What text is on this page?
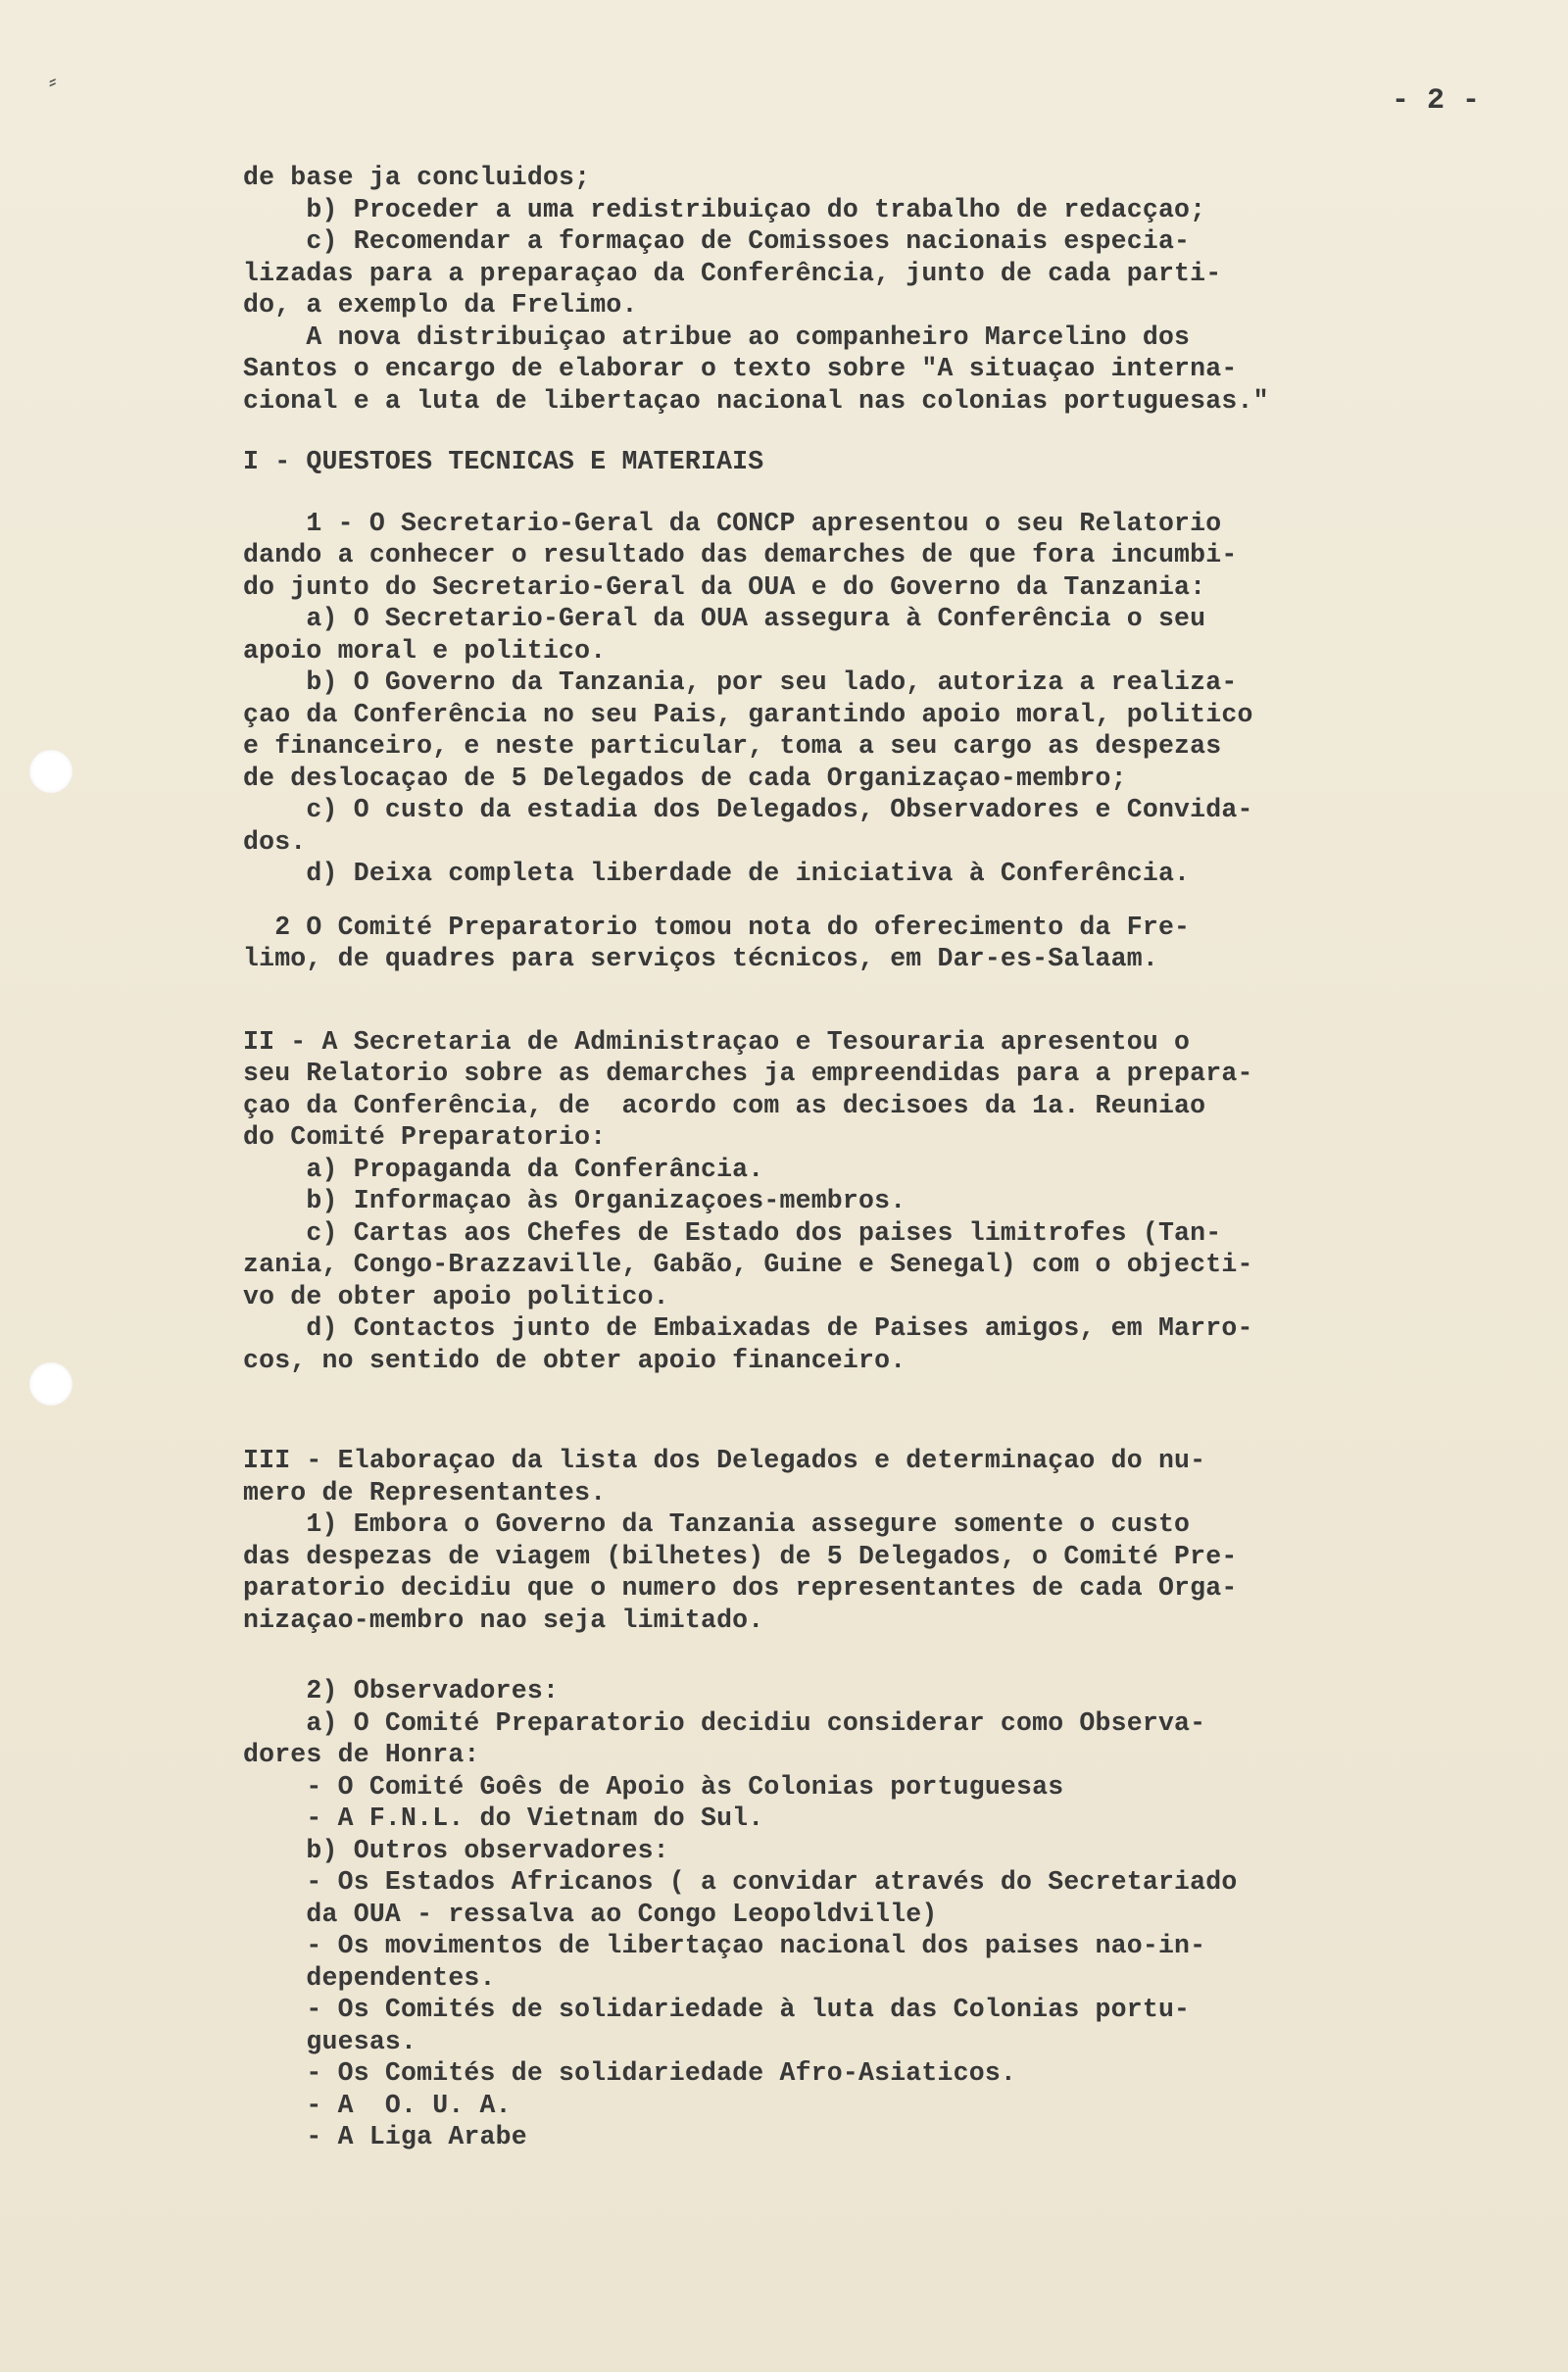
⸗
- 2 -
de base ja concluidos;
b) Proceder a uma redistribuiçao do trabalho de redacçao;
c) Recomendar a formaçao de Comissoes nacionais especia-
lizadas para a preparaçao da Conferência, junto de cada parti-
do, a exemplo da Frelimo.
A nova distribuiçao atribue ao companheiro Marcelino dos
Santos o encargo de elaborar o texto sobre "A situaçao interna-
cional e a luta de libertaçao nacional nas colonias portuguesas."
I - QUESTOES TECNICAS E MATERIAIS
1 - O Secretario-Geral da CONCP apresentou o seu Relatorio
dando a conhecer o resultado das demarches de que fora incumbi-
do junto do Secretario-Geral da OUA e do Governo da Tanzania:
a) O Secretario-Geral da OUA assegura à Conferência o seu
apoio moral e politico.
b) O Governo da Tanzania, por seu lado, autoriza a realiza-
çao da Conferência no seu Pais, garantindo apoio moral, politico
e financeiro, e neste particular, toma a seu cargo as despezas
de deslocaçao de 5 Delegados de cada Organizaçao-membro;
c) O custo da estadia dos Delegados, Observadores e Convida-
dos.
d) Deixa completa liberdade de iniciativa à Conferência.
2 O Comité Preparatorio tomou nota do oferecimento da Fre-
limo, de quadres para serviços técnicos, em Dar-es-Salaam.
II - A Secretaria de Administraçao e Tesouraria apresentou o
seu Relatorio sobre as demarches ja empreendidas para a prepara-
çao da Conferência, de  acordo com as decisoes da 1a. Reuniao
do Comité Preparatorio:
a) Propaganda da Conferância.
b) Informaçao às Organizaçoes-membros.
c) Cartas aos Chefes de Estado dos paises limitrofes (Tan-
zania, Congo-Brazzaville, Gabão, Guine e Senegal) com o objecti-
vo de obter apoio politico.
d) Contactos junto de Embaixadas de Paises amigos, em Marro-
cos, no sentido de obter apoio financeiro.
III - Elaboraçao da lista dos Delegados e determinaçao do nu-
mero de Representantes.
1) Embora o Governo da Tanzania assegure somente o custo
das despezas de viagem (bilhetes) de 5 Delegados, o Comité Pre-
paratorio decidiu que o numero dos representantes de cada Orga-
nizaçao-membro nao seja limitado.
2) Observadores:
a) O Comité Preparatorio decidiu considerar como Observa-
dores de Honra:
- O Comité Goês de Apoio às Colonias portuguesas
- A F.N.L. do Vietnam do Sul.
b) Outros observadores:
- Os Estados Africanos ( a convidar através do Secretariado
da OUA - ressalva ao Congo Leopoldville)
- Os movimentos de libertaçao nacional dos paises nao-in-
dependentes.
- Os Comités de solidariedade à luta das Colonias portu-
guesas.
- Os Comités de solidariedade Afro-Asiaticos.
- A  O. U. A.
- A Liga Arabe
